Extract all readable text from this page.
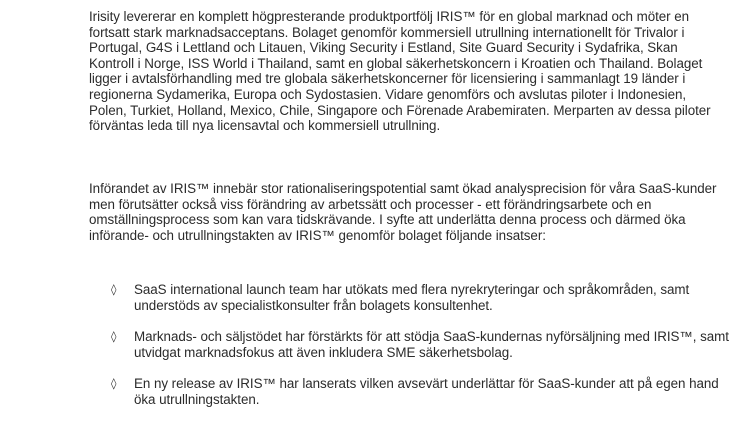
Irisity levererar en komplett högpresterande produktportfölj IRIS™ för en global marknad och möter en fortsatt stark marknadsacceptans. Bolaget genomför kommersiell utrullning internationellt för Trivalor i Portugal, G4S i Lettland och Litauen, Viking Security i Estland, Site Guard Security i Sydafrika, Skan Kontroll i Norge, ISS World i Thailand, samt en global säkerhetskoncern i Kroatien och Thailand. Bolaget ligger i avtalsförhandling med tre globala säkerhetskoncerner för licensiering i sammanlagt 19 länder i regionerna Sydamerika, Europa och Sydostasien. Vidare genomförs och avslutas piloter i Indonesien, Polen, Turkiet, Holland, Mexico, Chile, Singapore och Förenade Arabemiraten. Merparten av dessa piloter förväntas leda till nya licensavtal och kommersiell utrullning.

Införandet av IRIS™ innebär stor rationaliseringspotential samt ökad analysprecision för våra SaaS-kunder men förutsätter också viss förändring av arbetssätt och processer - ett förändringsarbete och en omställningsprocess som kan vara tidskrävande. I syfte att underlätta denna process och därmed öka införande- och utrullningstakten av IRIS™ genomför bolaget följande insatser:

◊ SaaS international launch team har utökats med flera nyrekryteringar och språkområden, samt understöds av specialistkonsulter från bolagets konsultenhet.
◊ Marknads- och säljstödet har förstärkts för att stödja SaaS-kundernas nyförsäljning med IRIS™, samt utvidgat marknadsfokus att även inkludera SME säkerhetsbolag.
◊ En ny release av IRIS™ har lanserats vilken avsevärt underlättar för SaaS-kunder att på egen hand öka utrullningstakten.
